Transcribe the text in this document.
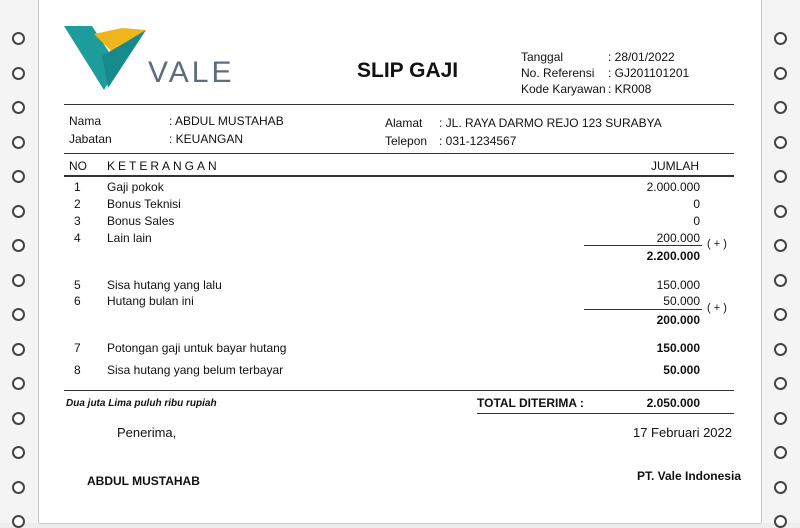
VALE	SLIP GAJI
Tanggal	: 28/01/2022
No. Referensi : GJ201101201
Kode Karyawan : KR008
Nama	: ABDUL MUSTAHAB
Jabatan	: KEUANGAN
Alamat : JL. RAYA DARMO REJO 123 SURABYA
Telepon : 031-1234567
NO KETERANGAN	JUMLAH
1 Gaji pokok	2.000.000
2 Bonus Teknisi	0
3 Bonus Sales	0
4 Lain lain	200.000 ( + )
2.200.000
5 Sisa hutang yang lalu	150.000
6 Hutang bulan ini	50.000 ( + )
200.000
7 Potongan gaji untuk bayar hutang	150.000
8 Sisa hutang yang belum terbayar	50.000
Dua juta Lima puluh ribu rupiah	TOTAL DITERIMA :	2.050.000
Penerima,	17 Februari 2022
ABDUL MUSTAHAB	PT. Vale Indonesia
